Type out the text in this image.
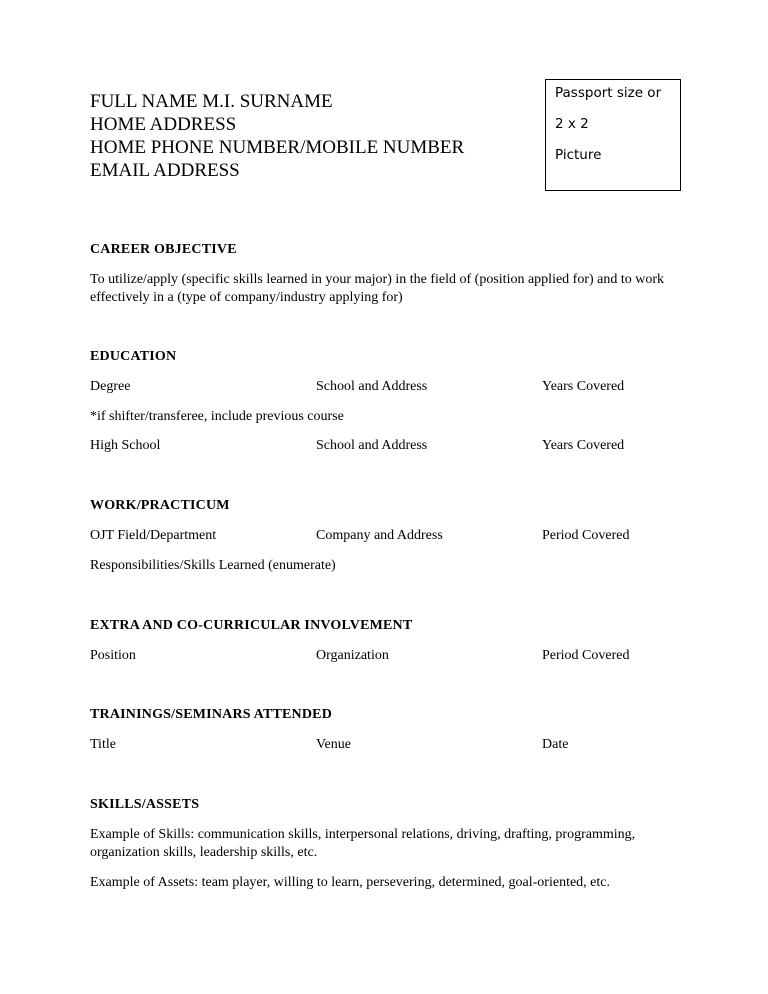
FULL NAME M.I. SURNAME
HOME ADDRESS
HOME PHONE NUMBER/MOBILE NUMBER
EMAIL ADDRESS
Passport size or
2 x 2
Picture
CAREER OBJECTIVE
To utilize/apply (specific skills learned in your major) in the field of (position applied for) and to work effectively in a (type of company/industry applying for)
EDUCATION
Degree	School and Address	Years Covered
*if shifter/transferee, include previous course
High School	School and Address	Years Covered
WORK/PRACTICUM
OJT Field/Department	Company and Address	Period Covered
Responsibilities/Skills Learned (enumerate)
EXTRA AND CO-CURRICULAR INVOLVEMENT
Position	Organization	Period Covered
TRAININGS/SEMINARS ATTENDED
Title	Venue	Date
SKILLS/ASSETS
Example of Skills: communication skills, interpersonal relations, driving, drafting, programming, organization skills, leadership skills, etc.
Example of Assets: team player, willing to learn, persevering, determined, goal-oriented, etc.
